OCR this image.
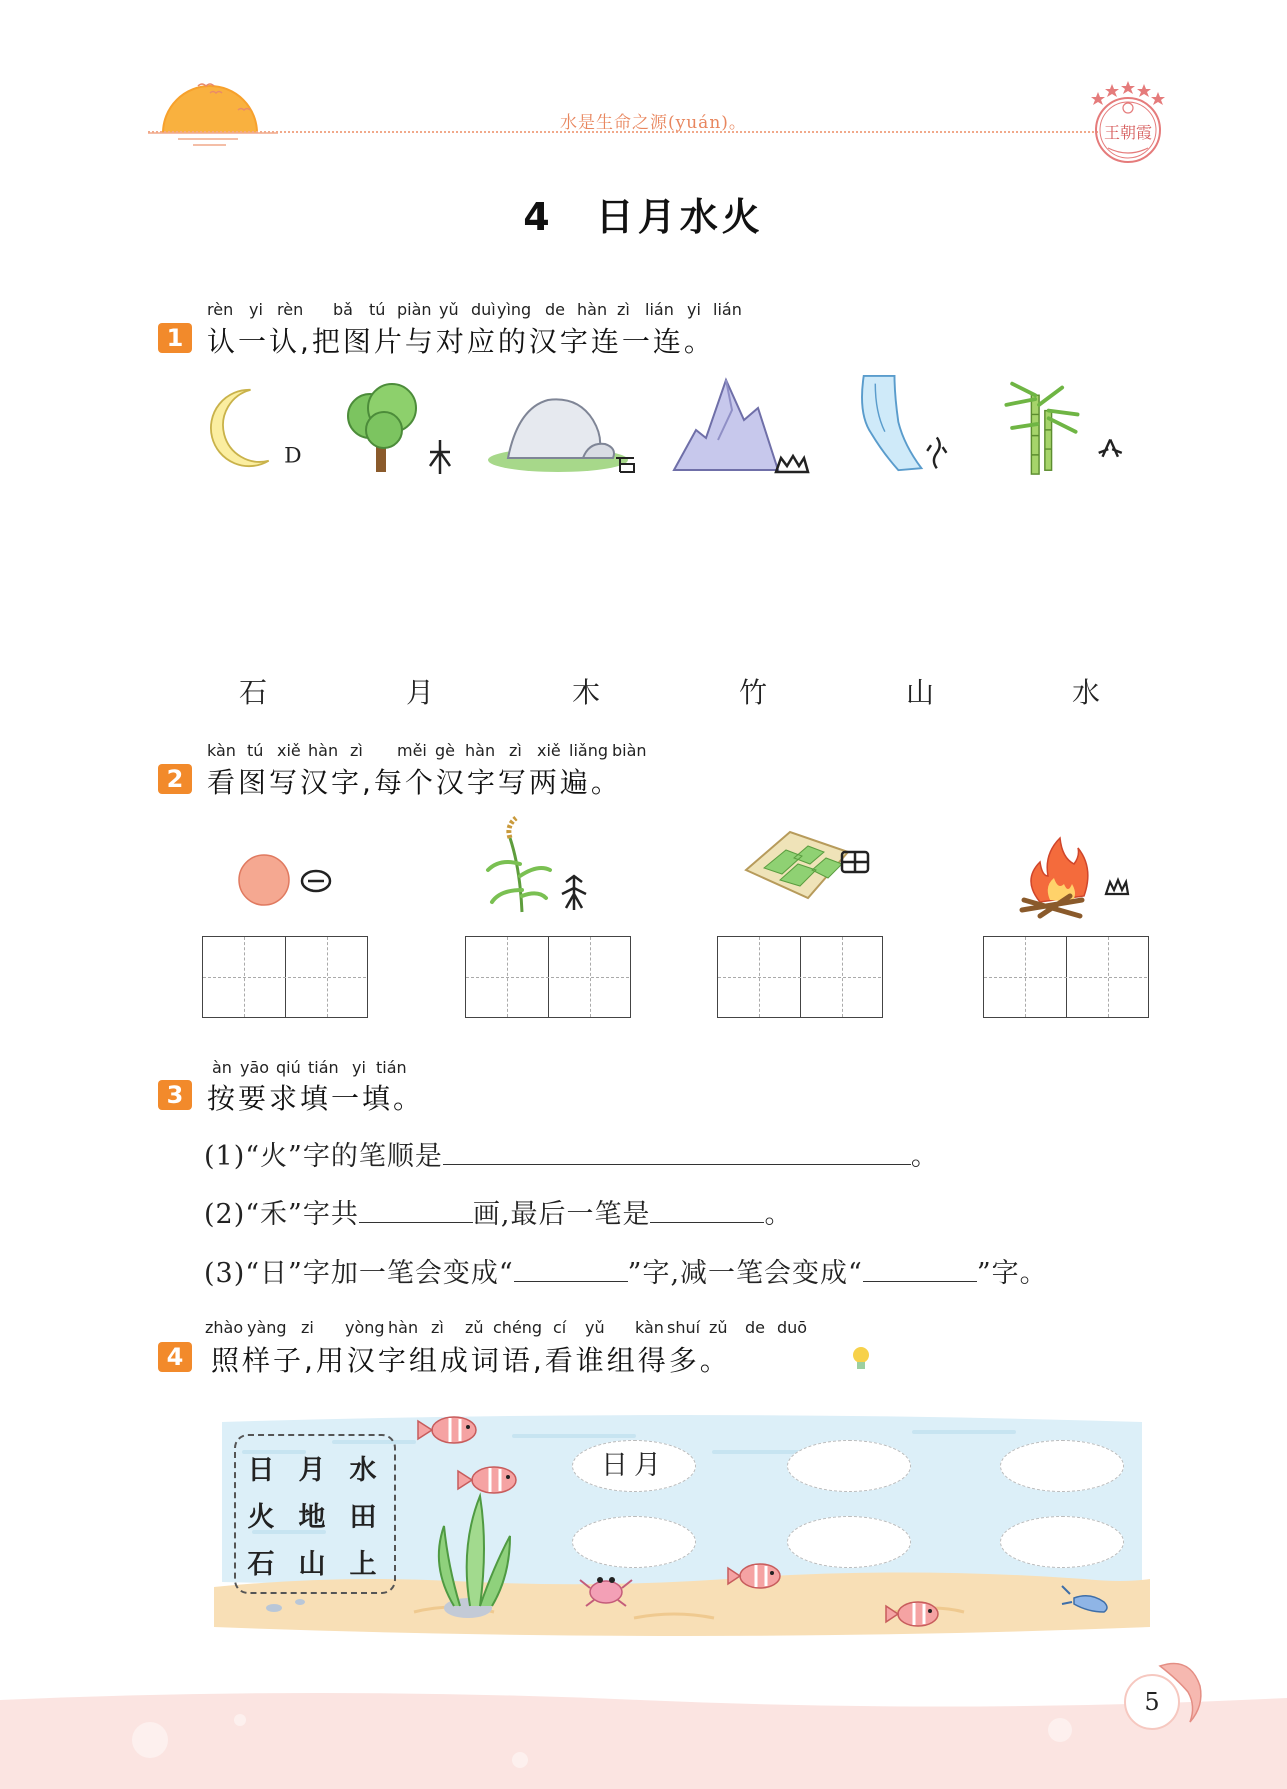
水是生命之源(yuán)。	王朝霞
4　日月水火
rèn yi rèn bǎ tú piàn yǔ duì yìng de hàn zì lián yi lián
1 认一认,把图片与对应的汉字连一连。
D
石	月	木	竹	山	水
kàn tú xiě hàn zì měi gè hàn zì xiě liǎng biàn
2 看图写汉字,每个汉字写两遍。
àn yāo qiú tián yi tián
3 按要求填一填。
(1)“火”字的笔顺是	。
(2)“禾”字共	画,最后一笔是	。
(3)“日”字加一笔会变成“	”字,减一笔会变成“	”字。
zhào yàng zi yòng hàn zì zǔ chéng cí yǔ kàn shuí zǔ de duō
4 照样子,用汉字组成词语,看谁组得多。
日 月 水
火 地 田
石 山 上
日月
5
